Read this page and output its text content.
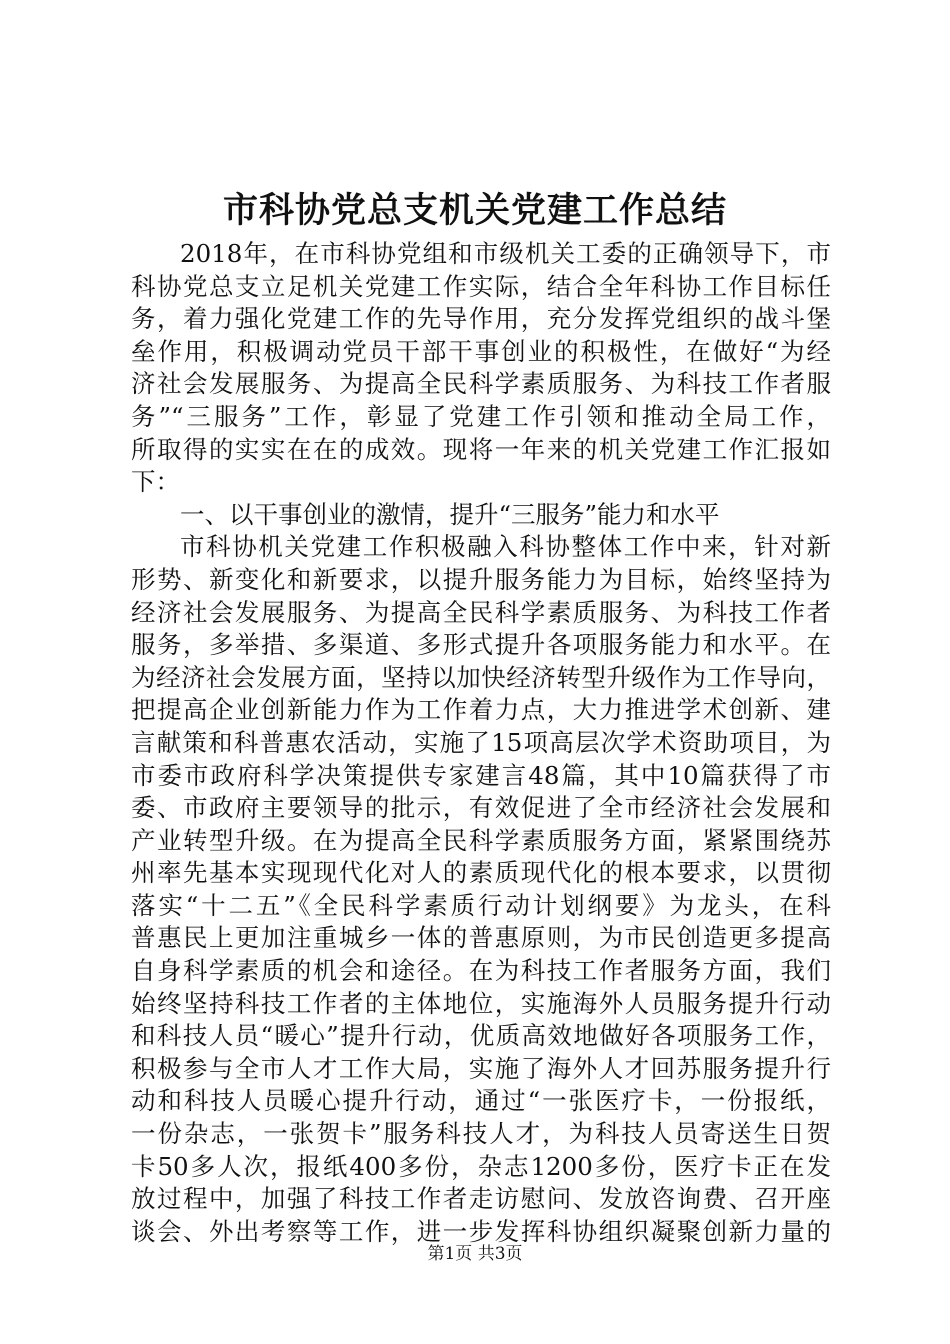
市科协党总支机关党建工作总结
2018年，在市科协党组和市级机关工委的正确领导下，市
科协党总支立足机关党建工作实际，结合全年科协工作目标任
务，着力强化党建工作的先导作用，充分发挥党组织的战斗堡
垒作用，积极调动党员干部干事创业的积极性，在做好“为经
济社会发展服务、为提高全民科学素质服务、为科技工作者服
务”“三服务”工作，彰显了党建工作引领和推动全局工作，
所取得的实实在在的成效。现将一年来的机关党建工作汇报如
下：
一、以干事创业的激情，提升“三服务”能力和水平
市科协机关党建工作积极融入科协整体工作中来，针对新
形势、新变化和新要求，以提升服务能力为目标，始终坚持为
经济社会发展服务、为提高全民科学素质服务、为科技工作者
服务，多举措、多渠道、多形式提升各项服务能力和水平。在
为经济社会发展方面，坚持以加快经济转型升级作为工作导向，
把提高企业创新能力作为工作着力点，大力推进学术创新、建
言献策和科普惠农活动，实施了15项高层次学术资助项目，为
市委市政府科学决策提供专家建言48篇，其中10篇获得了市
委、市政府主要领导的批示，有效促进了全市经济社会发展和
产业转型升级。在为提高全民科学素质服务方面，紧紧围绕苏
州率先基本实现现代化对人的素质现代化的根本要求，以贯彻
落实“十二五”《全民科学素质行动计划纲要》为龙头，在科
普惠民上更加注重城乡一体的普惠原则，为市民创造更多提高
自身科学素质的机会和途径。在为科技工作者服务方面，我们
始终坚持科技工作者的主体地位，实施海外人员服务提升行动
和科技人员“暖心”提升行动，优质高效地做好各项服务工作，
积极参与全市人才工作大局，实施了海外人才回苏服务提升行
动和科技人员暖心提升行动，通过“一张医疗卡，一份报纸，
一份杂志，一张贺卡”服务科技人才，为科技人员寄送生日贺
卡50多人次，报纸400多份，杂志1200多份，医疗卡正在发
放过程中，加强了科技工作者走访慰问、发放咨询费、召开座
谈会、外出考察等工作，进一步发挥科协组织凝聚创新力量的

第1页 共3页
